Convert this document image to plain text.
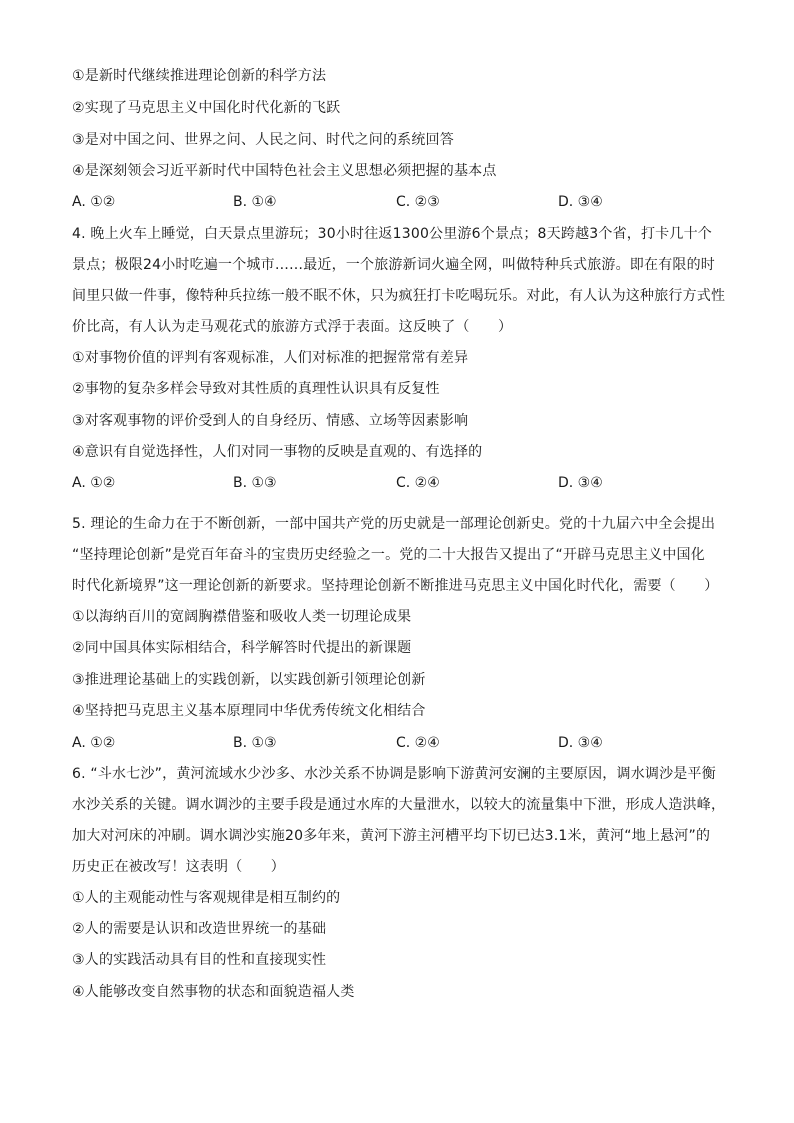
①是新时代继续推进理论创新的科学方法
②实现了马克思主义中国化时代化新的飞跃
③是对中国之问、世界之问、人民之问、时代之问的系统回答
④是深刻领会习近平新时代中国特色社会主义思想必须把握的基本点
A. ①②	B. ①④	C. ②③	D. ③④
4. 晚上火车上睡觉，白天景点里游玩；30小时往返1300公里游6个景点；8天跨越3个省，打卡几十个
景点；极限24小时吃遍一个城市……最近，一个旅游新词火遍全网，叫做特种兵式旅游。即在有限的时
间里只做一件事，像特种兵拉练一般不眠不休，只为疯狂打卡吃喝玩乐。对此，有人认为这种旅行方式性
价比高，有人认为走马观花式的旅游方式浮于表面。这反映了（　　）
①对事物价值的评判有客观标准，人们对标准的把握常常有差异
②事物的复杂多样会导致对其性质的真理性认识具有反复性
③对客观事物的评价受到人的自身经历、情感、立场等因素影响
④意识有自觉选择性，人们对同一事物的反映是直观的、有选择的
A. ①②	B. ①③	C. ②④	D. ③④
5. 理论的生命力在于不断创新，一部中国共产党的历史就是一部理论创新史。党的十九届六中全会提出
“坚持理论创新”是党百年奋斗的宝贵历史经验之一。党的二十大报告又提出了“开辟马克思主义中国化
时代化新境界”这一理论创新的新要求。坚持理论创新不断推进马克思主义中国化时代化，需要（　　）
①以海纳百川的宽阔胸襟借鉴和吸收人类一切理论成果
②同中国具体实际相结合，科学解答时代提出的新课题
③推进理论基础上的实践创新，以实践创新引领理论创新
④坚持把马克思主义基本原理同中华优秀传统文化相结合
A. ①②	B. ①③	C. ②④	D. ③④
6. “斗水七沙”，黄河流域水少沙多、水沙关系不协调是影响下游黄河安澜的主要原因，调水调沙是平衡
水沙关系的关键。调水调沙的主要手段是通过水库的大量泄水，以较大的流量集中下泄，形成人造洪峰，
加大对河床的冲刷。调水调沙实施20多年来，黄河下游主河槽平均下切已达3.1米，黄河“地上悬河”的
历史正在被改写！这表明（　　）
①人的主观能动性与客观规律是相互制约的
②人的需要是认识和改造世界统一的基础
③人的实践活动具有目的性和直接现实性
④人能够改变自然事物的状态和面貌造福人类
